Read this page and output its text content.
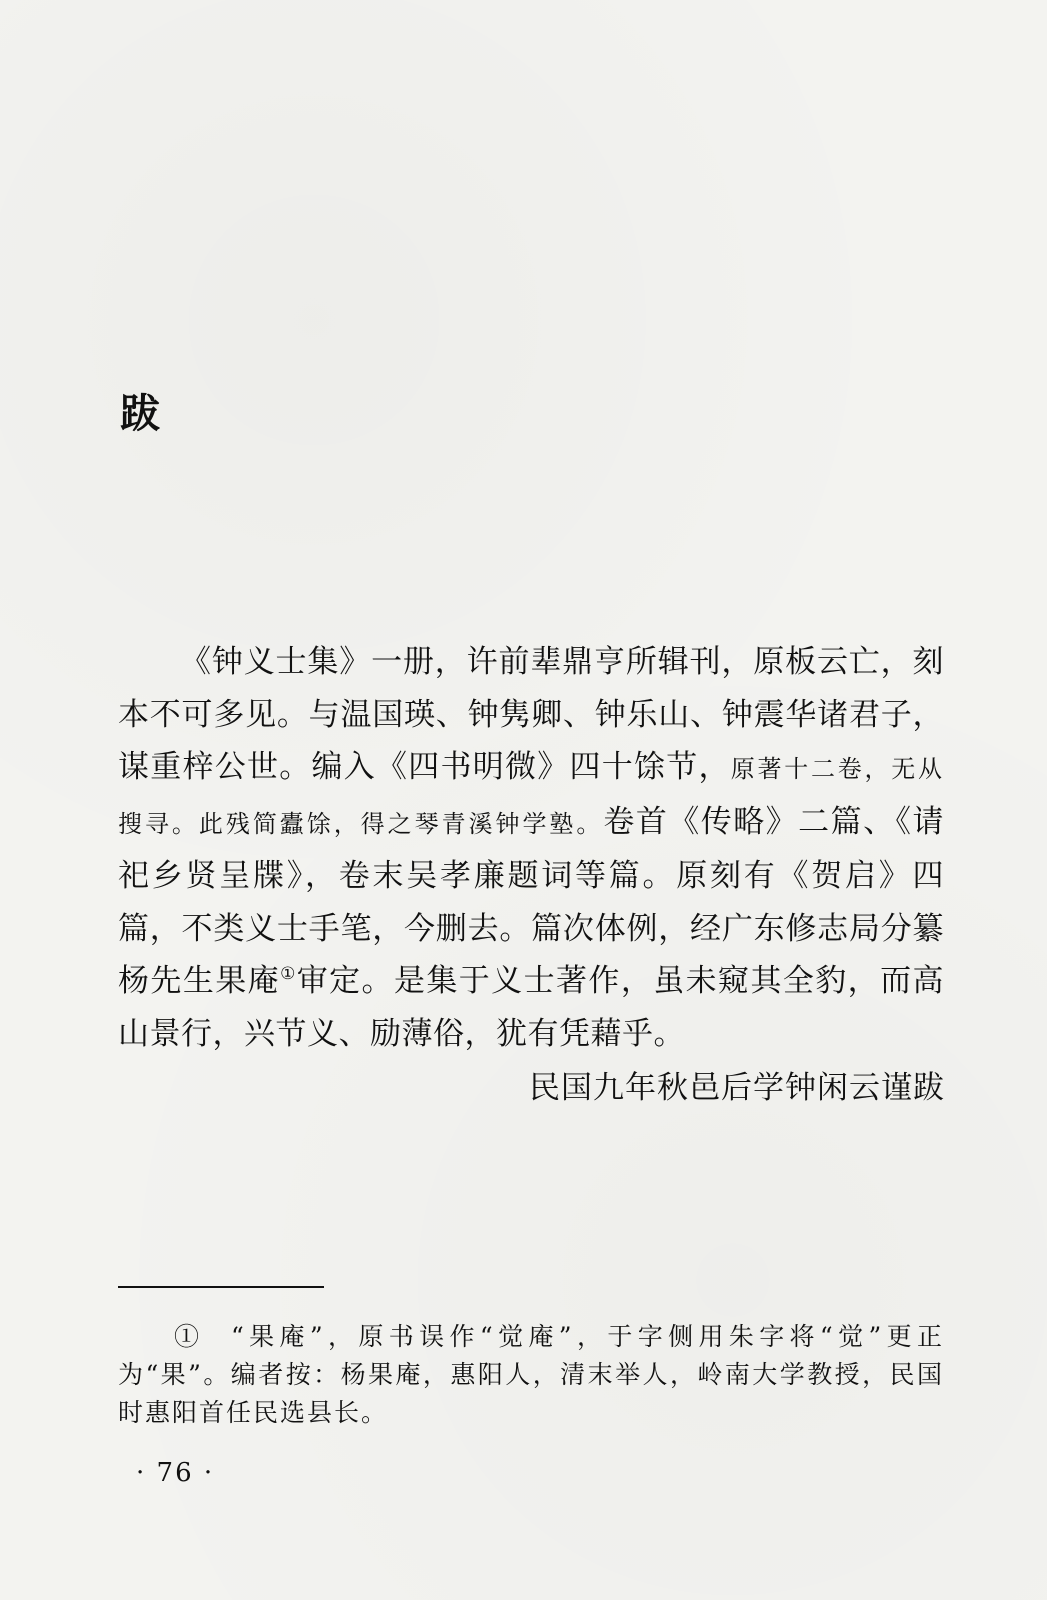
跋

《钟义士集》一册，许前辈鼎亨所辑刊，原板云亡，刻本不可多见。与温国瑛、钟隽卿、钟乐山、钟震华诸君子，谋重梓公世。编入《四书明微》四十馀节，原著十二卷，无从搜寻。此残简蠹馀，得之琴青溪钟学塾。卷首《传略》二篇、《请祀乡贤呈牒》，卷末吴孝廉题词等篇。原刻有《贺启》四篇，不类义士手笔，今删去。篇次体例，经广东修志局分纂杨先生果庵①审定。是集于义士著作，虽未窥其全豹，而高山景行，兴节义、励薄俗，犹有凭藉乎。

民国九年秋邑后学钟闲云谨跋

① “果庵”，原书误作“觉庵”，于字侧用朱字将“觉”更正为“果”。编者按：杨果庵，惠阳人，清末举人，岭南大学教授，民国时惠阳首任民选县长。

· 76 ·
